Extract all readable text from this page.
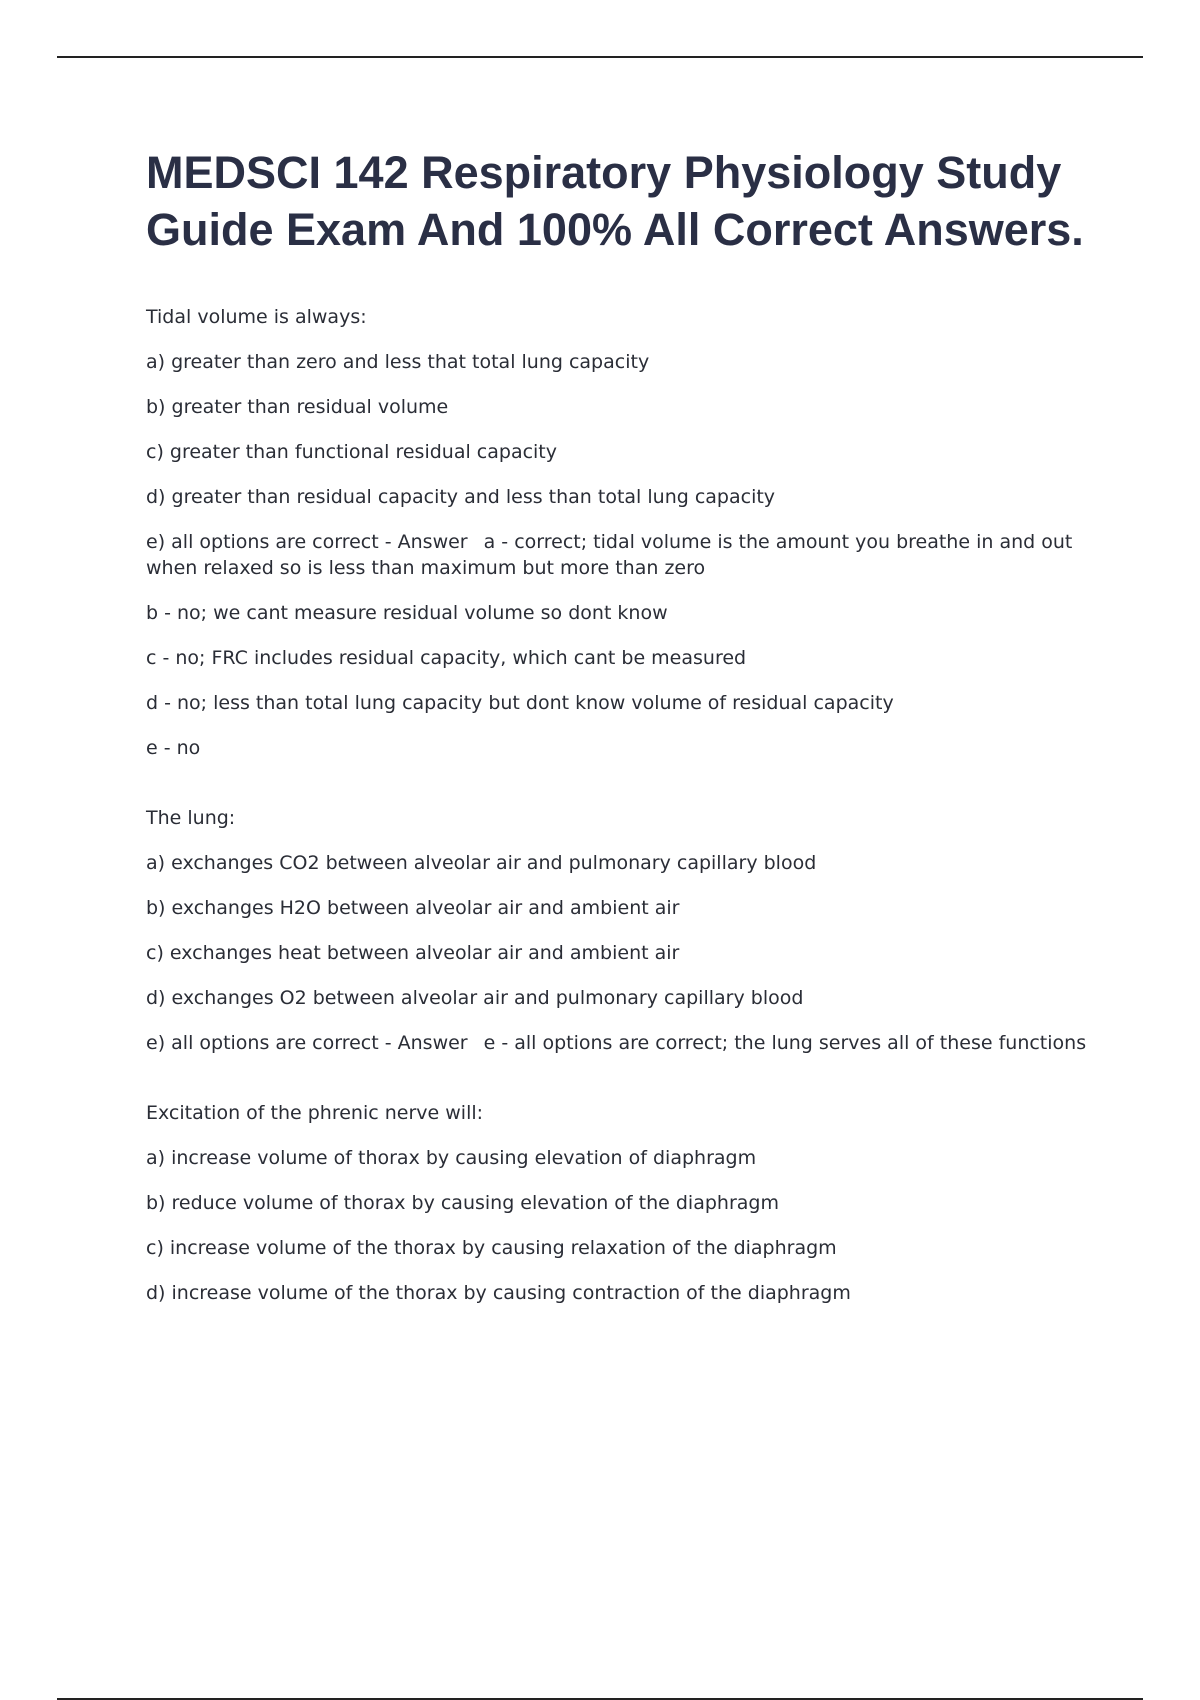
MEDSCI 142 Respiratory Physiology Study Guide Exam And 100% All Correct Answers.

Tidal volume is always:

a) greater than zero and less that total lung capacity

b) greater than residual volume

c) greater than functional residual capacity

d) greater than residual capacity and less than total lung capacity

e) all options are correct - Answer a - correct; tidal volume is the amount you breathe in and out when relaxed so is less than maximum but more than zero

b - no; we cant measure residual volume so dont know

c - no; FRC includes residual capacity, which cant be measured

d - no; less than total lung capacity but dont know volume of residual capacity

e - no

The lung:

a) exchanges CO2 between alveolar air and pulmonary capillary blood

b) exchanges H2O between alveolar air and ambient air

c) exchanges heat between alveolar air and ambient air

d) exchanges O2 between alveolar air and pulmonary capillary blood

e) all options are correct - Answer e - all options are correct; the lung serves all of these functions

Excitation of the phrenic nerve will:

a) increase volume of thorax by causing elevation of diaphragm

b) reduce volume of thorax by causing elevation of the diaphragm

c) increase volume of the thorax by causing relaxation of the diaphragm

d) increase volume of the thorax by causing contraction of the diaphragm
